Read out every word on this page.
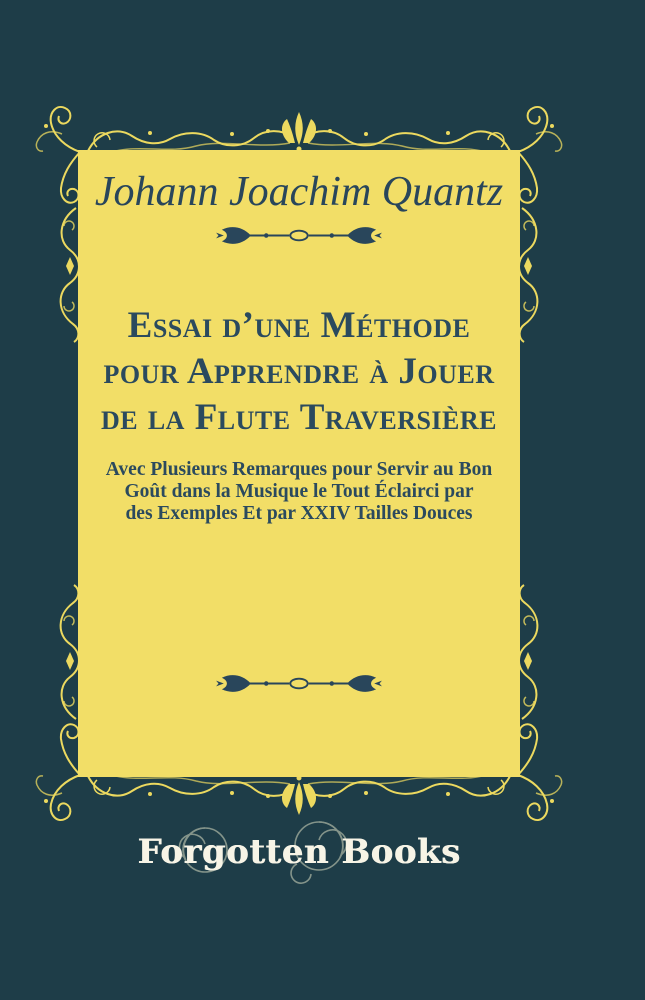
Johann Joachim Quantz
Essai d’une Méthode
pour Apprendre à Jouer
de la Flute Traversière
Avec Plusieurs Remarques pour Servir au Bon
Goût dans la Musique le Tout Éclairci par
des Exemples Et par XXIV Tailles Douces
Forgotten Books
